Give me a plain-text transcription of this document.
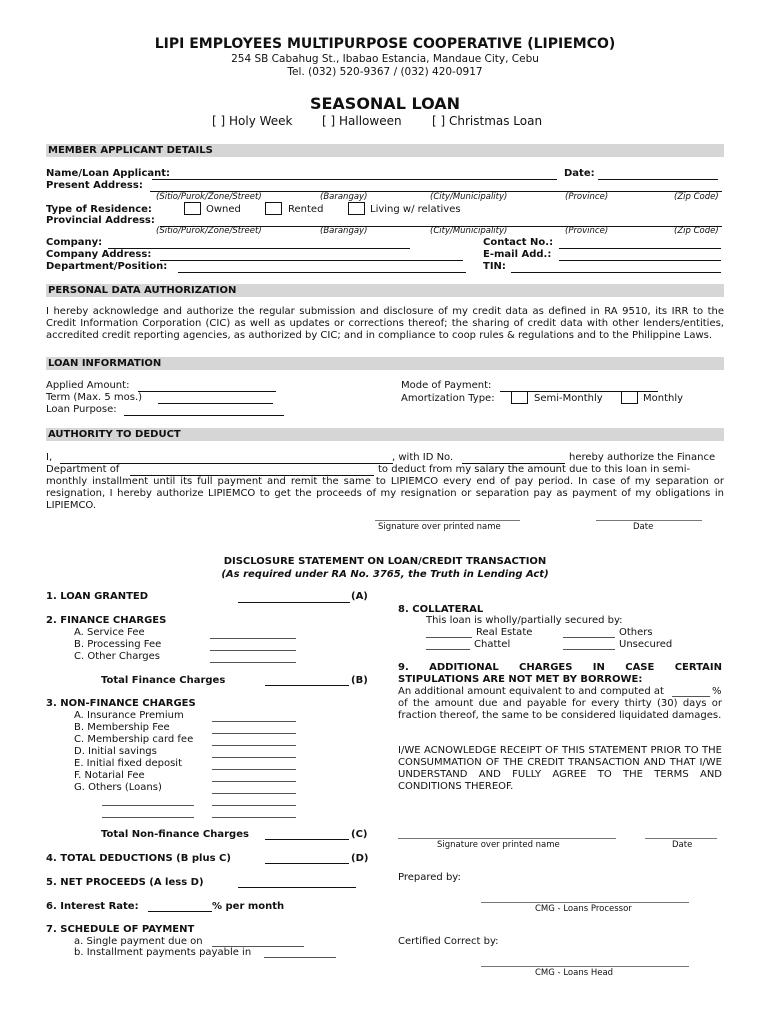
LIPI EMPLOYEES MULTIPURPOSE COOPERATIVE (LIPIEMCO)
254 SB Cabahug St., Ibabao Estancia, Mandaue City, Cebu
Tel. (032) 520-9367 / (032) 420-0917
SEASONAL LOAN
[ ] Holy Week [ ] Halloween	[ ] Christmas Loan
MEMBER APPLICANT DETAILS
Name/Loan Applicant:	Date:
Present Address:
(Sitio/Purok/Zone/Street)	(Barangay)	(City/Municipality)	(Province)	(Zip Code)
Type of Residence:	Owned	Rented	Living w/ relatives
Provincial Address:
(Sitio/Purok/Zone/Street)	(Barangay)	(City/Municipality)	(Province)	(Zip Code)
Company:	Contact No.:
Company Address:	E-mail Add.:
Department/Position:	TIN:
PERSONAL DATA AUTHORIZATION
I hereby acknowledge and authorize the regular submission and disclosure of my credit data as defined in RA 9510, its IRR to the Credit Information Corporation (CIC) as well as updates or corrections thereof; the sharing of credit data with other lenders/entities, accredited credit reporting agencies, as authorized by CIC; and in compliance to coop rules & regulations and to the Philippine Laws.
LOAN INFORMATION
Applied Amount:
Term (Max. 5 mos.)
Loan Purpose:
Mode of Payment:
Amortization Type:	Semi-Monthly	Monthly
AUTHORITY TO DEDUCT
I,	, with ID No.	hereby authorize the Finance
Department of	to deduct from my salary the amount due to this loan in semi-
monthly installment until its full payment and remit the same to LIPIEMCO every end of pay period. In case of my separation or resignation, I hereby authorize LIPIEMCO to get the proceeds of my resignation or separation pay as payment of my obligations in LIPIEMCO.
Signature over printed name	Date
DISCLOSURE STATEMENT ON LOAN/CREDIT TRANSACTION
(As required under RA No. 3765, the Truth in Lending Act)
1. LOAN GRANTED	(A)
2. FINANCE CHARGES
A. Service Fee
B. Processing Fee
C. Other Charges
Total Finance Charges	(B)
3. NON-FINANCE CHARGES
A. Insurance Premium
B. Membership Fee
C. Membership card fee
D. Initial savings
E. Initial fixed deposit
F. Notarial Fee
G. Others (Loans)
Total Non-finance Charges	(C)
4. TOTAL DEDUCTIONS (B plus C)	(D)
5. NET PROCEEDS (A less D)
6. Interest Rate:	% per month
7. SCHEDULE OF PAYMENT
a. Single payment due on
b. Installment payments payable in
8. COLLATERAL
This loan is wholly/partially secured by:
Real Estate	Others
Chattel	Unsecured
9. ADDITIONAL CHARGES IN CASE CERTAIN STIPULATIONS ARE NOT MET BY BORROWE:
An additional amount equivalent to and computed at	%
of the amount due and payable for every thirty (30) days or fraction thereof, the same to be considered liquidated damages.
I/WE ACNOWLEDGE RECEIPT OF THIS STATEMENT PRIOR TO THE CONSUMMATION OF THE CREDIT TRANSACTION AND THAT I/WE UNDERSTAND AND FULLY AGREE TO THE TERMS AND CONDITIONS THEREOF.
Signature over printed name	Date
Prepared by:
CMG - Loans Processor
Certified Correct by:
CMG - Loans Head
